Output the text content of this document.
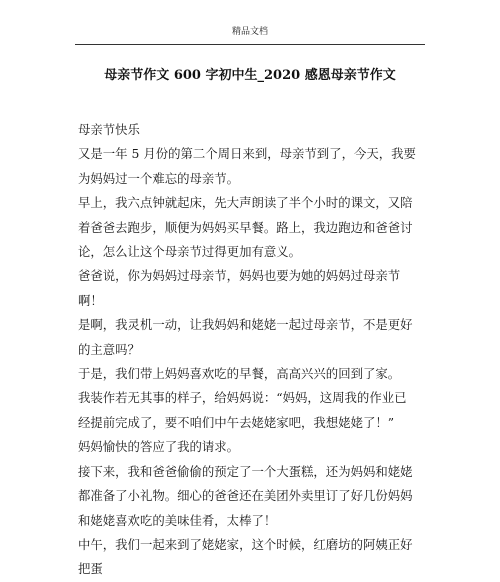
精品文档
母亲节作文 600 字初中生_2020 感恩母亲节作文

母亲节快乐

又是一年 5 月份的第二个周日来到，母亲节到了，今天，我要为妈妈过一个难忘的母亲节。

早上，我六点钟就起床，先大声朗读了半个小时的课文，又陪着爸爸去跑步，顺便为妈妈买早餐。路上，我边跑边和爸爸讨论，怎么让这个母亲节过得更加有意义。

爸爸说，你为妈妈过母亲节，妈妈也要为她的妈妈过母亲节啊！

是啊，我灵机一动，让我妈妈和姥姥一起过母亲节，不是更好的主意吗？

于是，我们带上妈妈喜欢吃的早餐，高高兴兴的回到了家。

我装作若无其事的样子，给妈妈说：“妈妈，这周我的作业已经提前完成了，要不咱们中午去姥姥家吧，我想姥姥了！”

妈妈愉快的答应了我的请求。

接下来，我和爸爸偷偷的预定了一个大蛋糕，还为妈妈和姥姥都准备了小礼物。细心的爸爸还在美团外卖里订了好几份妈妈和姥姥喜欢吃的美味佳肴，太棒了！

中午，我们一起来到了姥姥家，这个时候，红磨坊的阿姨正好把蛋
